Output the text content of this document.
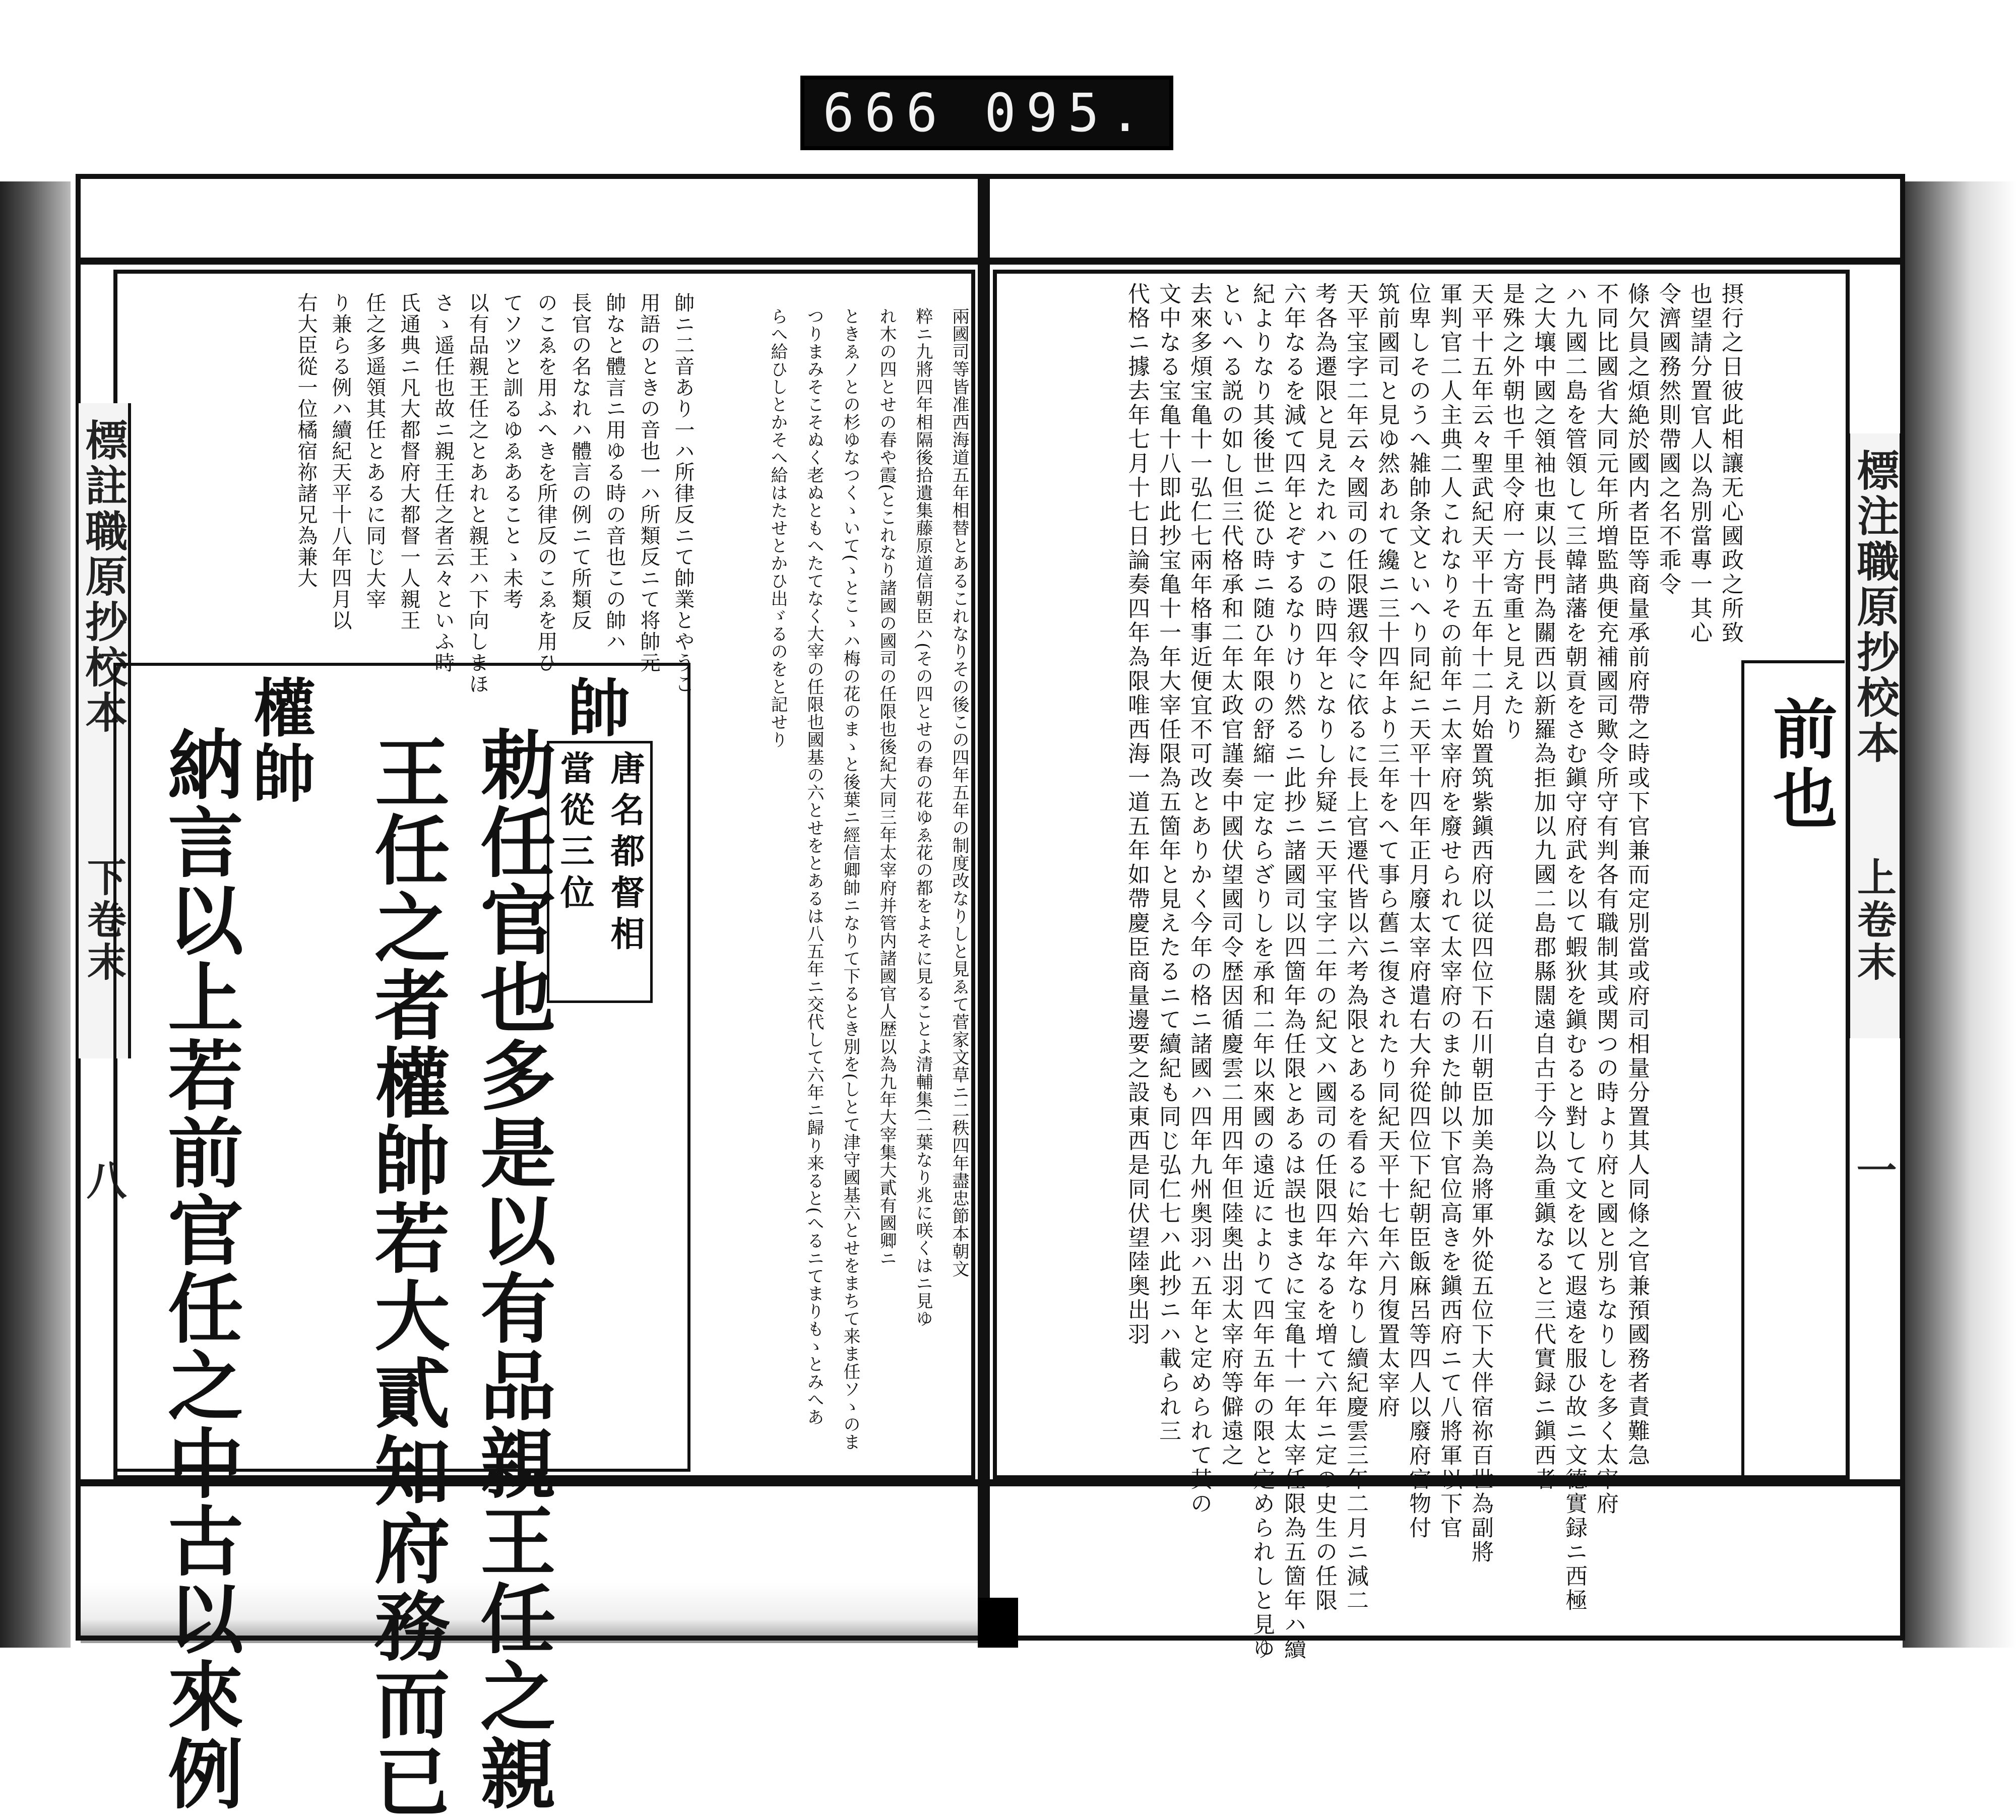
666 095.
標註職原抄校本
下卷末
八
標注職原抄校本
上卷末
一
兩國司等皆准西海道五年相替とあるこれなりその後この四年五年の制度改なりしと見ゑて菅家文草ニ二秩四年盡忠節本朝文
粹ニ九將四年相隔後拾遺集藤原道信朝臣ハ(その四とせの春の花ゆゑ花の都をよそに見ることよ清輔集(二葉なり兆に咲くはニ見ゆ
れ木の四とせの春や霞(とこれなり諸國の國司の任限也後紀大同三年太宰府并管内諸國官人歴以為九年大宰集大貳有國卿ニ
ときゑノとの杉ゆなつくゝいて(ゝとこゝハ梅の花のまゝと後葉ニ經信卿帥ニなりて下るとき別を(しとて津守國基六とせをまちて来ま任ソゝのま
つりまみそこそぬく老ぬともへたてなく大宰の任限也國基の六とせをとあるは八五年ニ交代して六年ニ歸り来ると(へるニてまりもゝとみへあ
らへ給ひしとかそへ給はたせとかひ出ゞるのをと記せり
帥ニ二音あり一ハ所律反ニて帥業とやうこ
用語のときの音也一ハ所類反ニて将帥元
帥なと體言ニ用ゆる時の音也この帥ハ
長官の名なれハ體言の例ニて所類反
のこゑを用ふへきを所律反のこゑを用ひ
てソツと訓るゆゑあることゝ未考
以有品親王任之とあれと親王ハ下向しまほ
さゝ遥任也故ニ親王任之者云々といふ時
氏通典ニ凡大都督府大都督一人親王
任之多遥領其任とあるに同じ大宰
り兼らる例ハ續紀天平十八年四月以
右大臣從一位橘宿祢諸兄為兼大
帥
唐名都督相
當從三位
勅任官也多是以有品親王任之親
王任之者權帥若大貳知府務而已
權帥
納言以上若前官任之中古以來例
摂行之日彼此相讓无心國政之所致
也望請分置官人以為別當專一其心
令濟國務然則帶國之名不乖令
條欠員之煩絶於國内者臣等商量承前府帶之時或下官兼而定別當或府司相量分置其人同條之官兼預國務者責難急
不同比國省大同元年所増監典便充補國司歟令所守有判各有職制其或関つの時より府と國と別ちなりしを多く太宰府
ハ九國二島を管領して三韓諸藩を朝貢をさむ鎭守府武を以て蝦狄を鎭むると對して文を以て遐遠を服ひ故ニ文德實録ニ西極
之大壤中國之領袖也東以長門為關西以新羅為拒加以九國二島郡縣闊遠自古于今以為重鎭なると三代實録ニ鎭西者
是殊之外朝也千里令府一方寄重と見えたり
天平十五年云々聖武紀天平十五年十二月始置筑紫鎭西府以従四位下石川朝臣加美為將軍外從五位下大伴宿祢百世為副將
軍判官二人主典二人これなりその前年ニ太宰府を廢せられて太宰府のまた帥以下官位高きを鎭西府ニて八將軍以下官
位卑しそのうへ雑帥条文といへり同紀ニ天平十四年正月廢太宰府遣右大弁從四位下紀朝臣飯麻呂等四人以廢府官物付
筑前國司と見ゆ然あれて纔ニ三十四年より三年をへて事ら舊ニ復されたり同紀天平十七年六月復置太宰府
天平宝字二年云々國司の任限選叙令に依るに長上官遷代皆以六考為限とあるを看るに始六年なりし續紀慶雲三年二月ニ減二
考各為遷限と見えたれハこの時四年となりし弁疑ニ天平宝字二年の紀文ハ國司の任限四年なるを増て六年ニ定の史生の任限
六年なるを減て四年とぞするなりけり然るニ此抄ニ諸國司以四箇年為任限とあるは誤也まさに宝亀十一年太宰任限為五箇年ハ續
紀よりなり其後世ニ從ひ時ニ随ひ年限の舒縮一定ならざりしを承和二年以來國の遠近によりて四年五年の限と定められしと見ゆ
といへる説の如し但三代格承和二年太政官謹奏中國伏望國司令歴因循慶雲二用四年但陸奥出羽太宰府等僻遠之
去來多煩宝亀十一弘仁七兩年格事近便宜不可改とありかく今年の格ニ諸國ハ四年九州奥羽ハ五年と定められて其の
文中なる宝亀十八即此抄宝亀十一年大宰任限為五箇年と見えたるニて續紀も同じ弘仁七ハ此抄ニハ載られ三
代格ニ據去年七月十七日論奏四年為限唯西海一道五年如帶慶臣商量邊要之設東西是同伏望陸奥出羽	前也
